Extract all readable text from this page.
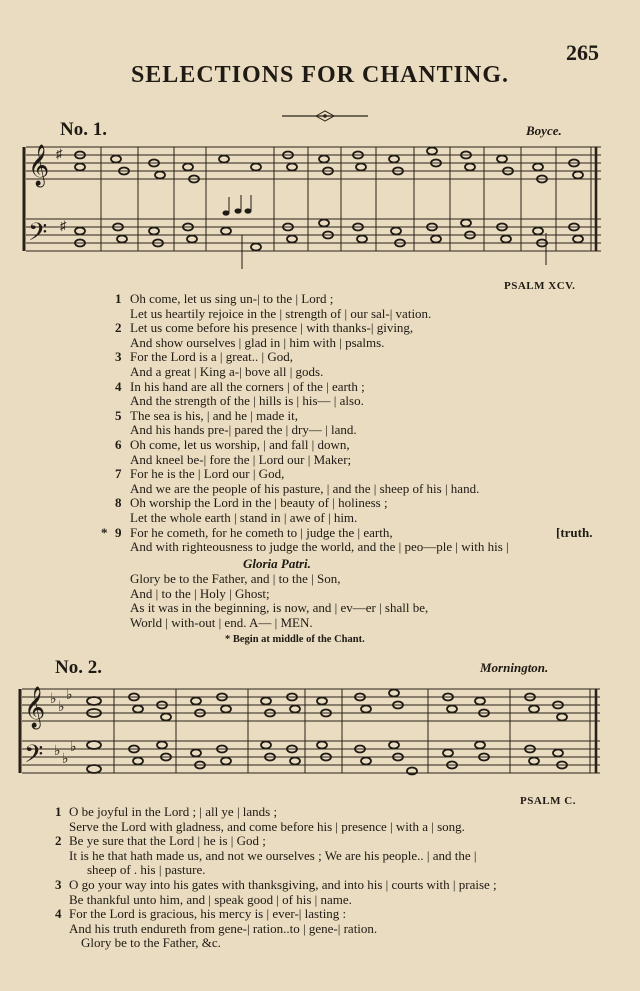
265
SELECTIONS FOR CHANTING.
No. 1.	Boyce.
𝄞
𝄢
♯
♯
PSALM XCV.
1 Oh come, let us sing un-| to the | Lord ;
Let us heartily rejoice in the | strength of | our sal-| vation.
2 Let us come before his presence | with thanks-| giving,
And show ourselves | glad in | him with | psalms.
3 For the Lord is a | great.. | God,
And a great | King a-| bove all | gods.
4 In his hand are all the corners | of the | earth ;
And the strength of the | hills is | his— | also.
5 The sea is his, | and he | made it,
And his hands pre-| pared the | dry— | land.
6 Oh come, let us worship, | and fall | down,
And kneel be-| fore the | Lord our | Maker;
7 For he is the | Lord our | God,
And we are the people of his pasture, | and the | sheep of his | hand.
8 Oh worship the Lord in the | beauty of | holiness ;
Let the whole earth | stand in | awe of | him.
* 9 For he cometh, for he cometh to | judge the | earth,	[truth.
And with righteousness to judge the world, and the | peo—ple | with his |
Gloria Patri.
Glory be to the Father, and | to the | Son,
And | to the | Holy | Ghost;
As it was in the beginning, is now, and | ev—er | shall be,
World | with-out | end. A— | MEN.
* Begin at middle of the Chant.
No. 2.	Mornington.
𝄞
𝄢
♭
♭
♭
♭
♭
♭
PSALM C.
1 O be joyful in the Lord ; | all ye | lands ;
Serve the Lord with gladness, and come before his | presence | with a | song.
2 Be ye sure that the Lord | he is | God ;
It is he that hath made us, and not we ourselves ; We are his people.. | and the |
sheep of . his | pasture.
3 O go your way into his gates with thanksgiving, and into his | courts with | praise ;
Be thankful unto him, and | speak good | of his | name.
4 For the Lord is gracious, his mercy is | ever-| lasting :
And his truth endureth from gene-| ration..to | gene-| ration.
Glory be to the Father, &c.
